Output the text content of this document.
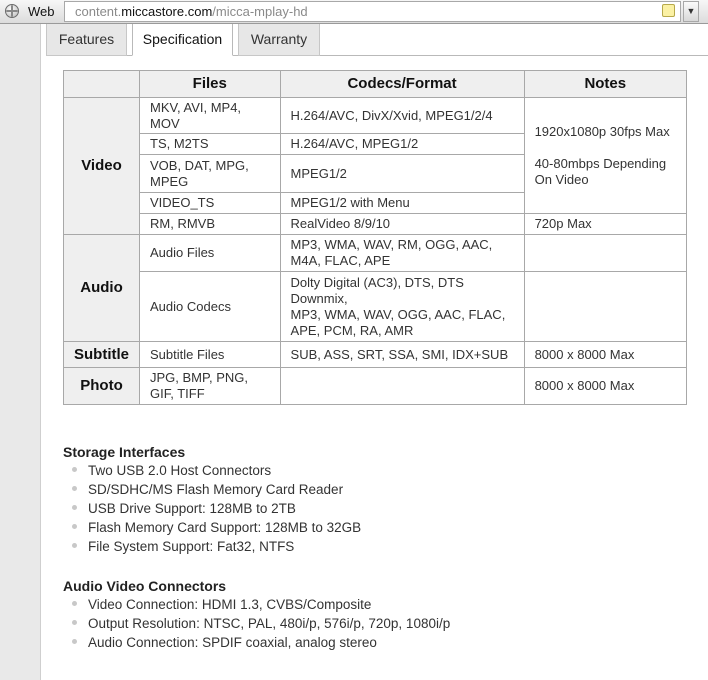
Web content.miccastore.com/micca-mplay-hd	▼
Features	Specification	Warranty
	Files	Codecs/Format	Notes
Video	MKV, AVI, MP4, MOV	H.264/AVC, DivX/Xvid, MPEG1/2/4	1920x1080p 30fps Max
40-80mbps Depending On Video

	TS, M2TS	H.264/AVC, MPEG1/2	
	VOB, DAT, MPG, MPEG	MPEG1/2	
	VIDEO_TS	MPEG1/2 with Menu	
	RM, RMVB	RealVideo 8/9/10	720p Max
Audio	Audio Files	MP3, WMA, WAV, RM, OGG, AAC, M4A, FLAC, APE	
	Audio Codecs	Dolty Digital (AC3), DTS, DTS Downmix,
MP3, WMA, WAV, OGG, AAC, FLAC, APE, PCM, RA, AMR	

Subtitle	Subtitle Files	SUB, ASS, SRT, SSA, SMI, IDX+SUB	8000 x 8000 Max
Photo	JPG, BMP, PNG, GIF, TIFF		8000 x 8000 Max
Storage Interfaces
Two USB 2.0 Host Connectors
SD/SDHC/MS Flash Memory Card Reader
USB Drive Support: 128MB to 2TB
Flash Memory Card Support: 128MB to 32GB
File System Support: Fat32, NTFS
Audio Video Connectors
Video Connection: HDMI 1.3, CVBS/Composite
Output Resolution: NTSC, PAL, 480i/p, 576i/p, 720p, 1080i/p
Audio Connection: SPDIF coaxial, analog stereo
